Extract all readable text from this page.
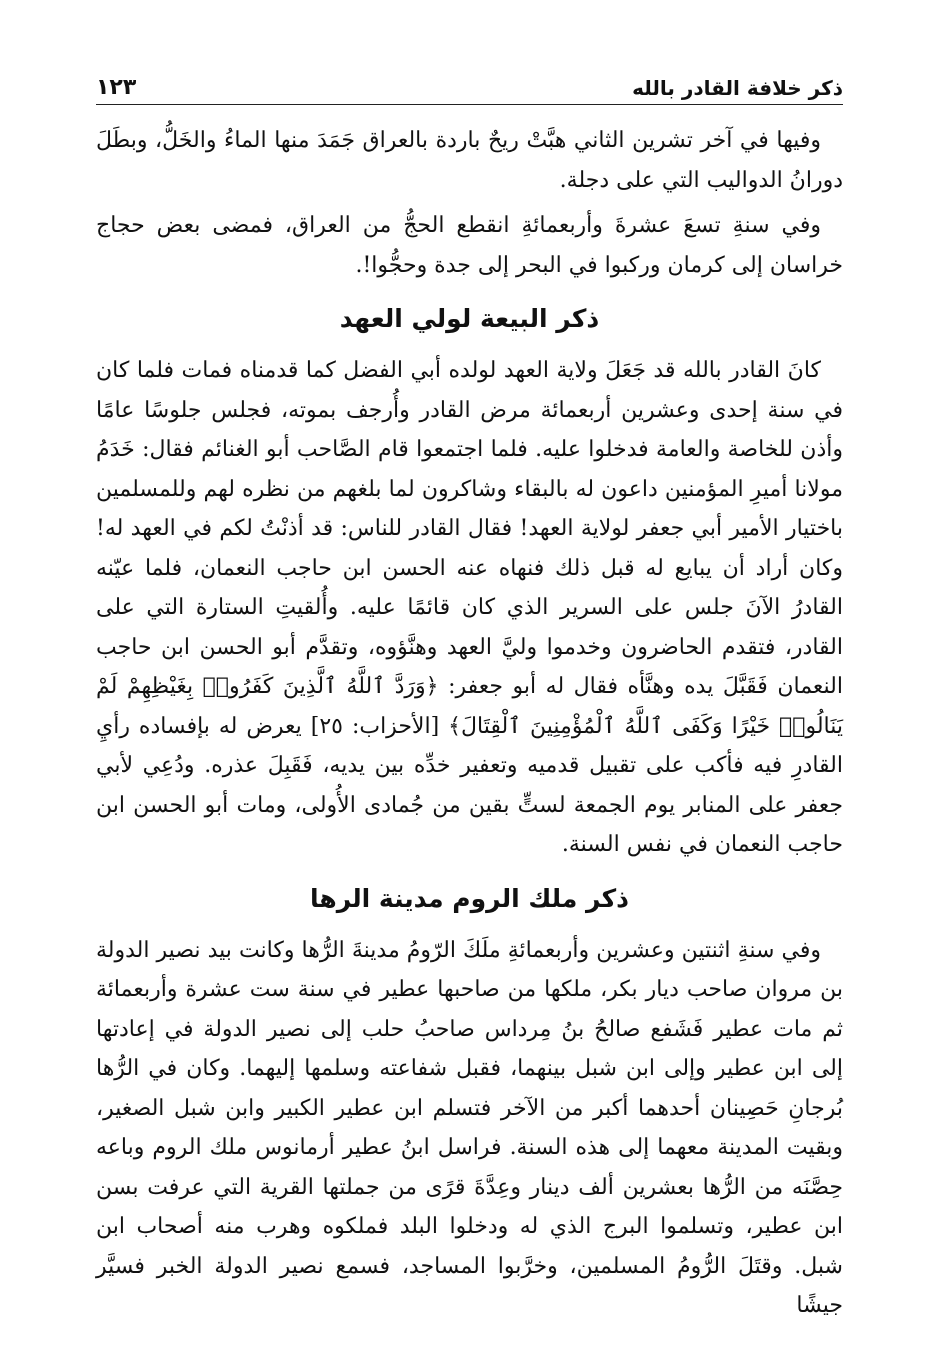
ذكر خلافة القادر بالله
١٢٣

وفيها في آخر تشرين الثاني هبَّتْ ريحٌ باردة بالعراق جَمَدَ منها الماءُ والخَلُّ، وبطَلَ دورانُ الدواليب التي على دجلة.

وفي سنةِ تسعَ عشرةَ وأربعمائةِ انقطع الحجُّ من العراق، فمضى بعض حجاج خراسان إلى كرمان وركبوا في البحر إلى جدة وحجُّوا!.

ذكر البيعة لولي العهد

كانَ القادر بالله قد جَعَلَ ولاية العهد لولده أبي الفضل كما قدمناه فمات فلما كان في سنة إحدى وعشرين أربعمائة مرض القادر وأُرجف بموته، فجلس جلوسًا عامًا وأذن للخاصة والعامة فدخلوا عليه. فلما اجتمعوا قام الصَّاحب أبو الغنائم فقال: خَدَمُ مولانا أميرِ المؤمنين داعون له بالبقاء وشاكرون لما بلغهم من نظره لهم وللمسلمين باختيار الأمير أبي جعفر لولاية العهد! فقال القادر للناس: قد أذنْتُ لكم في العهد له! وكان أراد أن يبايع له قبل ذلك فنهاه عنه الحسن ابن حاجب النعمان، فلما عيّنه القادرُ الآنَ جلس على السرير الذي كان قائمًا عليه. وأُلقيتِ الستارة التي على القادر، فتقدم الحاضرون وخدموا وليَّ العهد وهنَّؤوه، وتقدَّم أبو الحسن ابن حاجب النعمان فَقَبَّلَ يده وهنَّأه فقال له أبو جعفر: ﴿وَرَدَّ ٱللَّهُ ٱلَّذِينَ كَفَرُوا۟ بِغَيْظِهِمْ لَمْ يَنَالُوا۟ خَيْرًا وَكَفَى ٱللَّهُ ٱلْمُؤْمِنِينَ ٱلْقِتَالَ﴾ [الأحزاب: ٢٥] يعرض له بإفساده رأيِ القادرِ فيه فأكب على تقبيل قدميه وتعفير خدِّه بين يديه، فَقَبِلَ عذره. ودُعِي لأبي جعفر على المنابر يوم الجمعة لستٍّ بقين من جُمادى الأُولى، ومات أبو الحسن ابن حاجب النعمان في نفس السنة.

ذكر ملك الروم مدينة الرها

وفي سنةِ اثنتين وعشرين وأربعمائةِ ملَكَ الرّومُ مدينةَ الرُّها وكانت بيد نصير الدولة بن مروان صاحب ديار بكر، ملكها من صاحبها عطير في سنة ست عشرة وأربعمائة ثم مات عطير فَشَفع صالحُ بنُ مِرداس صاحبُ حلب إلى نصير الدولة في إعادتها إلى ابن عطير وإلى ابن شبل بينهما، فقبل شفاعته وسلمها إليهما. وكان في الرُّها بُرجانِ حَصِينان أحدهما أكبر من الآخر فتسلم ابن عطير الكبير وابن شبل الصغير، وبقيت المدينة معهما إلى هذه السنة. فراسل ابنُ عطير أرمانوس ملك الروم وباعه حِصَّنَه من الرُّها بعشرين ألف دينار وعِدَّةَ قرًى من جملتها القرية التي عرفت بسن ابن عطير، وتسلموا البرج الذي له ودخلوا البلد فملكوه وهرب منه أصحاب ابن شبل. وقتَلَ الرُّومُ المسلمين، وخرَّبوا المساجد، فسمع نصير الدولة الخبر فسيَّر جيشًا
